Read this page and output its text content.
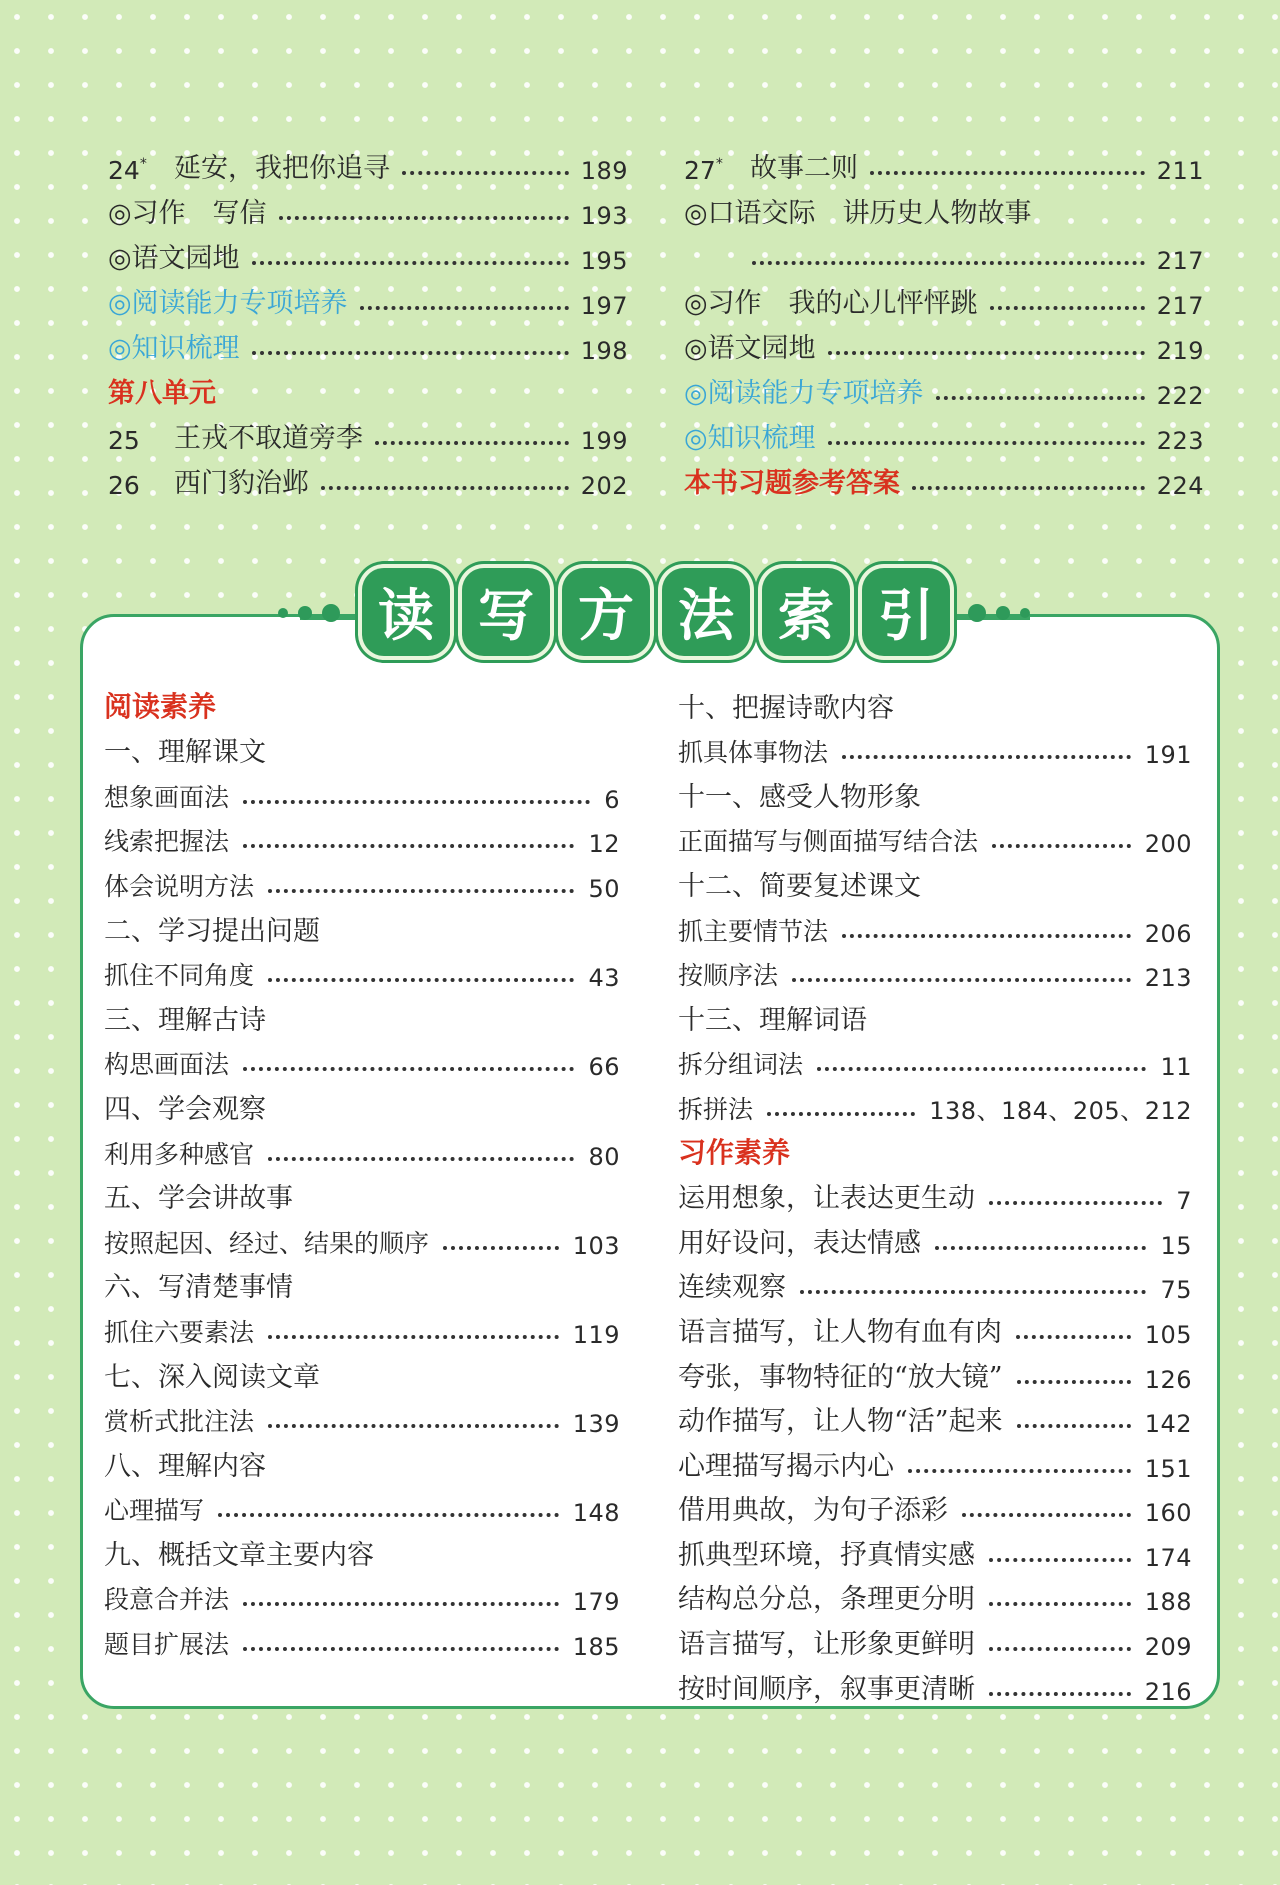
24*	延安，我把你追寻	189
◎习作　写信	193
◎语文园地	195
◎阅读能力专项培养	197
◎知识梳理	198
第八单元
25	王戎不取道旁李	199
26	西门豹治邺	202
27*	故事二则	211
◎口语交际　讲历史人物故事
217
◎习作　我的心儿怦怦跳	217
◎语文园地	219
◎阅读能力专项培养	222
◎知识梳理	223
本书习题参考答案	224
读 写 方 法 索 引
阅读素养
一、理解课文
想象画面法	6
线索把握法	12
体会说明方法	50
二、学习提出问题
抓住不同角度	43
三、理解古诗
构思画面法	66
四、学会观察
利用多种感官	80
五、学会讲故事
按照起因、经过、结果的顺序	103
六、写清楚事情
抓住六要素法	119
七、深入阅读文章
赏析式批注法	139
八、理解内容
心理描写	148
九、概括文章主要内容
段意合并法	179
题目扩展法	185
十、把握诗歌内容
抓具体事物法	191
十一、感受人物形象
正面描写与侧面描写结合法	200
十二、简要复述课文
抓主要情节法	206
按顺序法	213
十三、理解词语
拆分组词法	11
拆拼法	138、184、205、212
习作素养
运用想象，让表达更生动	7
用好设问，表达情感	15
连续观察	75
语言描写，让人物有血有肉	105
夸张，事物特征的“放大镜”	126
动作描写，让人物“活”起来	142
心理描写揭示内心	151
借用典故，为句子添彩	160
抓典型环境，抒真情实感	174
结构总分总，条理更分明	188
语言描写，让形象更鲜明	209
按时间顺序，叙事更清晰	216
